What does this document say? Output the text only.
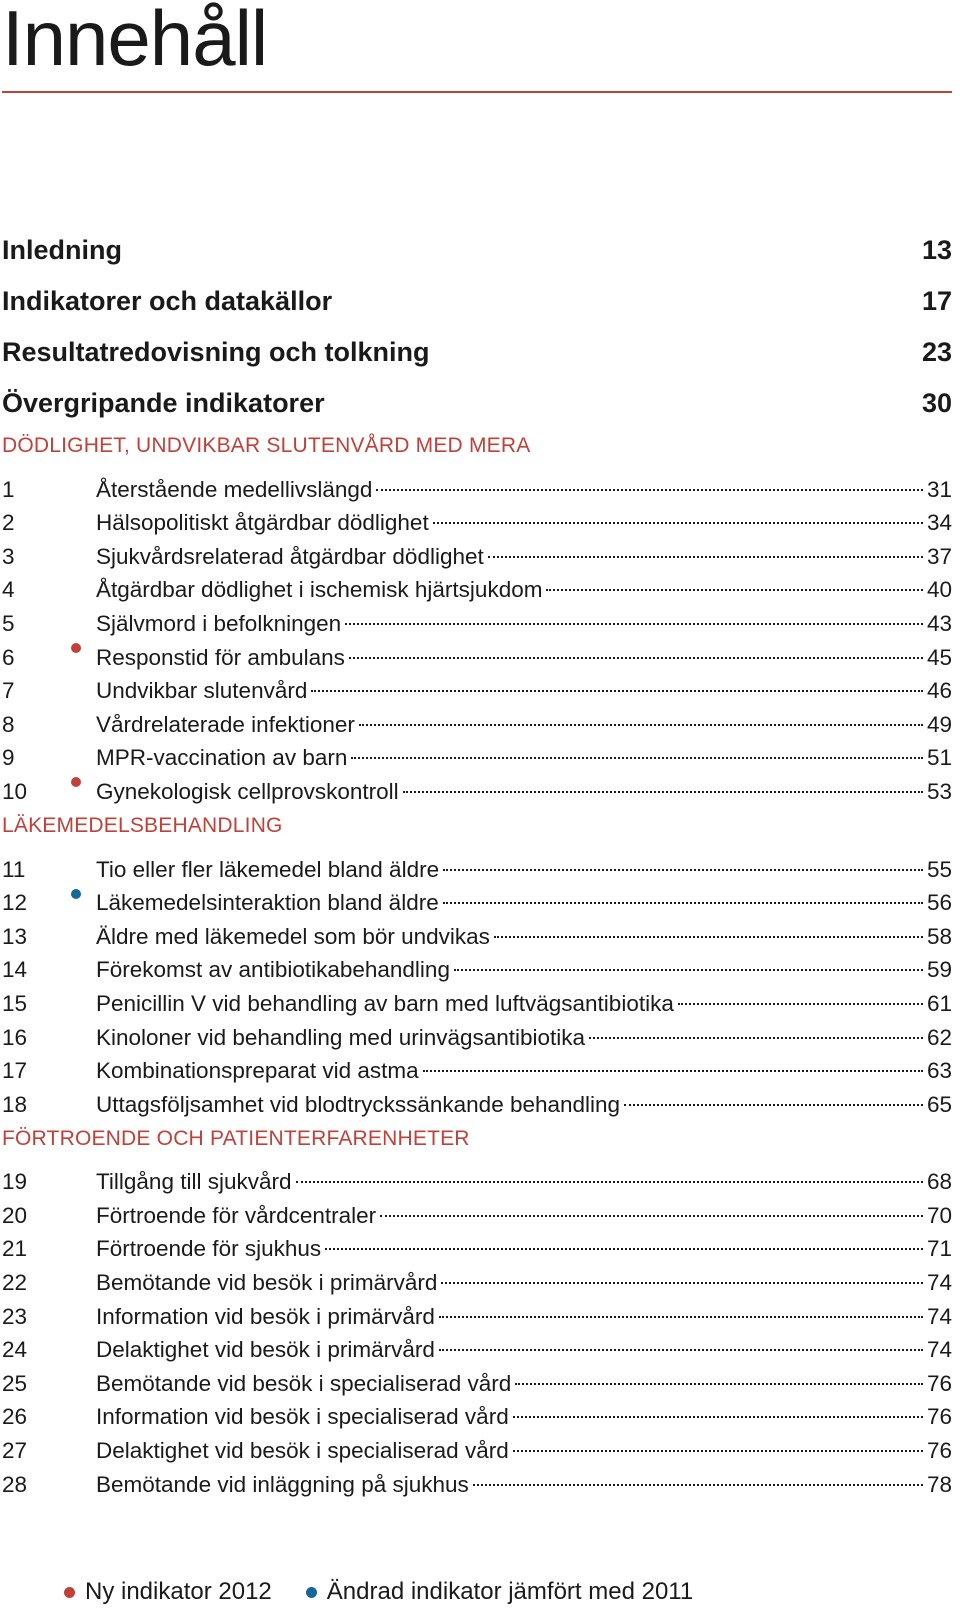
Innehåll
Inledning	13
Indikatorer och datakällor	17
Resultatredovisning och tolkning	23
Övergripande indikatorer	30
DÖDLIGHET, UNDVIKBAR SLUTENVÅRD MED MERA
1	Återstående medellivslängd	31
2	Hälsopolitiskt åtgärdbar dödlighet	34
3	Sjukvårdsrelaterad åtgärdbar dödlighet	37
4	Åtgärdbar dödlighet i ischemisk hjärtsjukdom	40
5	Självmord i befolkningen	43
6	Responstid för ambulans	45
7	Undvikbar slutenvård	46
8	Vårdrelaterade infektioner	49
9	MPR-vaccination av barn	51
10	Gynekologisk cellprovskontroll	53
LÄKEMEDELSBEHANDLING
11	Tio eller fler läkemedel bland äldre	55
12	Läkemedelsinteraktion bland äldre	56
13	Äldre med läkemedel som bör undvikas	58
14	Förekomst av antibiotikabehandling	59
15	Penicillin V vid behandling av barn med luftvägsantibiotika	61
16	Kinoloner vid behandling med urinvägsantibiotika	62
17	Kombinationspreparat vid astma	63
18	Uttagsföljsamhet vid blodtryckssänkande behandling	65
FÖRTROENDE OCH PATIENTERFARENHETER
19	Tillgång till sjukvård	68
20	Förtroende för vårdcentraler	70
21	Förtroende för sjukhus	71
22	Bemötande vid besök i primärvård	74
23	Information vid besök i primärvård	74
24	Delaktighet vid besök i primärvård	74
25	Bemötande vid besök i specialiserad vård	76
26	Information vid besök i specialiserad vård	76
27	Delaktighet vid besök i specialiserad vård	76
28	Bemötande vid inläggning på sjukhus	78
Ny indikator 2012 Ändrad indikator jämfört med 2011
